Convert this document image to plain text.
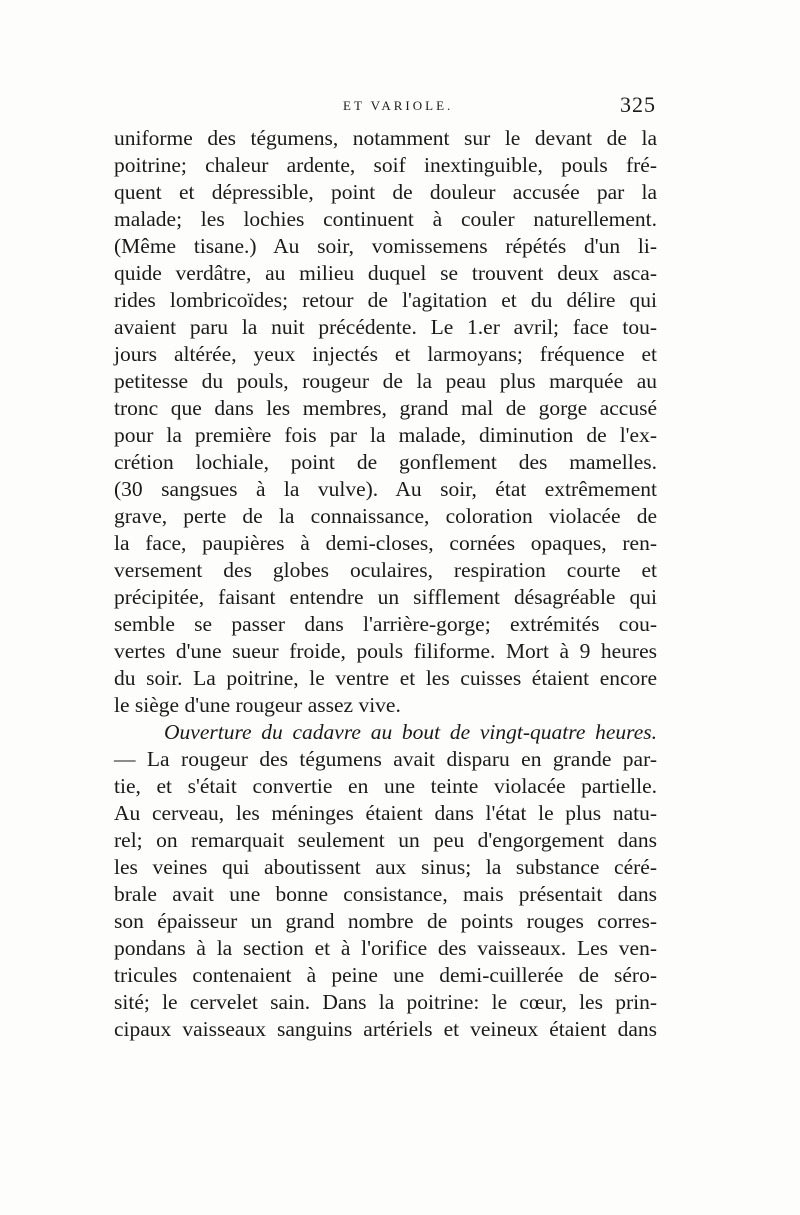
ET VARIOLE.	325
uniforme des tégumens, notamment sur le devant de la
poitrine; chaleur ardente, soif inextinguible, pouls fré-
quent et dépressible, point de douleur accusée par la
malade; les lochies continuent à couler naturellement.
(Même tisane.) Au soir, vomissemens répétés d'un li-
quide verdâtre, au milieu duquel se trouvent deux asca-
rides lombricoïdes; retour de l'agitation et du délire qui
avaient paru la nuit précédente. Le 1.er avril; face tou-
jours altérée, yeux injectés et larmoyans; fréquence et
petitesse du pouls, rougeur de la peau plus marquée au
tronc que dans les membres, grand mal de gorge accusé
pour la première fois par la malade, diminution de l'ex-
crétion lochiale, point de gonflement des mamelles.
(30 sangsues à la vulve). Au soir, état extrêmement
grave, perte de la connaissance, coloration violacée de
la face, paupières à demi-closes, cornées opaques, ren-
versement des globes oculaires, respiration courte et
précipitée, faisant entendre un sifflement désagréable qui
semble se passer dans l'arrière-gorge; extrémités cou-
vertes d'une sueur froide, pouls filiforme. Mort à 9 heures
du soir. La poitrine, le ventre et les cuisses étaient encore
le siège d'une rougeur assez vive.
Ouverture du cadavre au bout de vingt-quatre heures.
— La rougeur des tégumens avait disparu en grande par-
tie, et s'était convertie en une teinte violacée partielle.
Au cerveau, les méninges étaient dans l'état le plus natu-
rel; on remarquait seulement un peu d'engorgement dans
les veines qui aboutissent aux sinus; la substance céré-
brale avait une bonne consistance, mais présentait dans
son épaisseur un grand nombre de points rouges corres-
pondans à la section et à l'orifice des vaisseaux. Les ven-
tricules contenaient à peine une demi-cuillerée de séro-
sité; le cervelet sain. Dans la poitrine: le cœur, les prin-
cipaux vaisseaux sanguins artériels et veineux étaient dans
